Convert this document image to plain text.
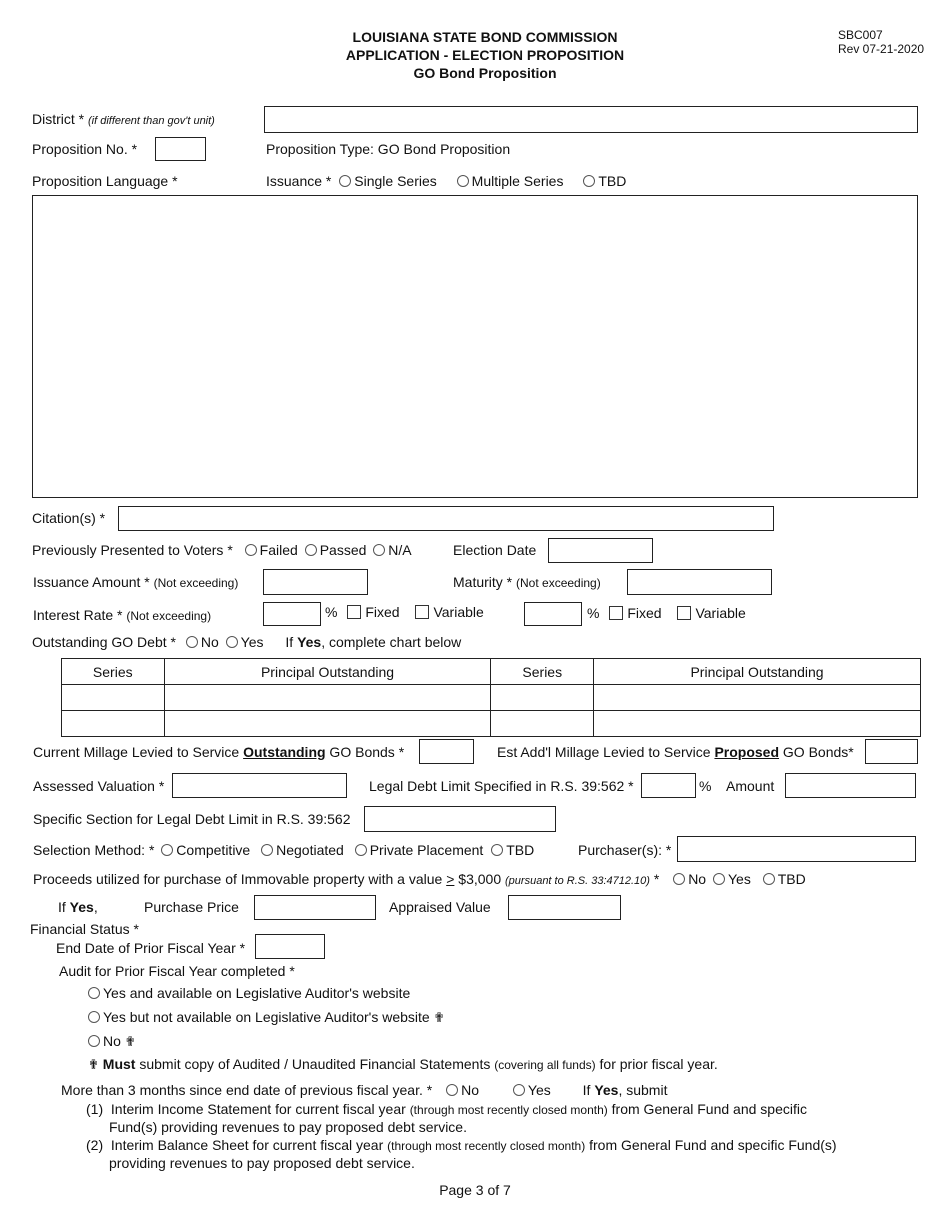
LOUISIANA STATE BOND COMMISSION
APPLICATION - ELECTION PROPOSITION
GO Bond Proposition
SBC007
Rev 07-21-2020
District * (if different than gov't unit)
Proposition No. *	Proposition Type: GO Bond Proposition
Proposition Language *	Issuance * Single Series Multiple Series TBD
Citation(s) *
Previously Presented to Voters * Failed Passed N/A	Election Date
Issuance Amount * (Not exceeding)	Maturity * (Not exceeding)
Interest Rate * (Not exceeding)	% Fixed Variable	% Fixed Variable
Outstanding GO Debt * No Yes If Yes, complete chart below
Series	Principal Outstanding	Series	Principal Outstanding

Current Millage Levied to Service Outstanding GO Bonds *	Est Add'l Millage Levied to Service Proposed GO Bonds*
Assessed Valuation *	Legal Debt Limit Specified in R.S. 39:562 *	% Amount
Specific Section for Legal Debt Limit in R.S. 39:562
Selection Method: * Competitive Negotiated Private Placement TBD	Purchaser(s): *
Proceeds utilized for purchase of Immovable property with a value > $3,000 (pursuant to R.S. 33:4712.10) * No Yes TBD
If Yes,	Purchase Price	Appraised Value
Financial Status *
End Date of Prior Fiscal Year *
Audit for Prior Fiscal Year completed *
Yes and available on Legislative Auditor's website
Yes but not available on Legislative Auditor's website ✟
No ✟
✟ Must submit copy of Audited / Unaudited Financial Statements (covering all funds) for prior fiscal year.
More than 3 months since end date of previous fiscal year. * No	Yes If Yes, submit
(1) Interim Income Statement for current fiscal year (through most recently closed month) from General Fund and specific
Fund(s) providing revenues to pay proposed debt service.
(2) Interim Balance Sheet for current fiscal year (through most recently closed month) from General Fund and specific Fund(s)
providing revenues to pay proposed debt service.
Page 3 of 7
